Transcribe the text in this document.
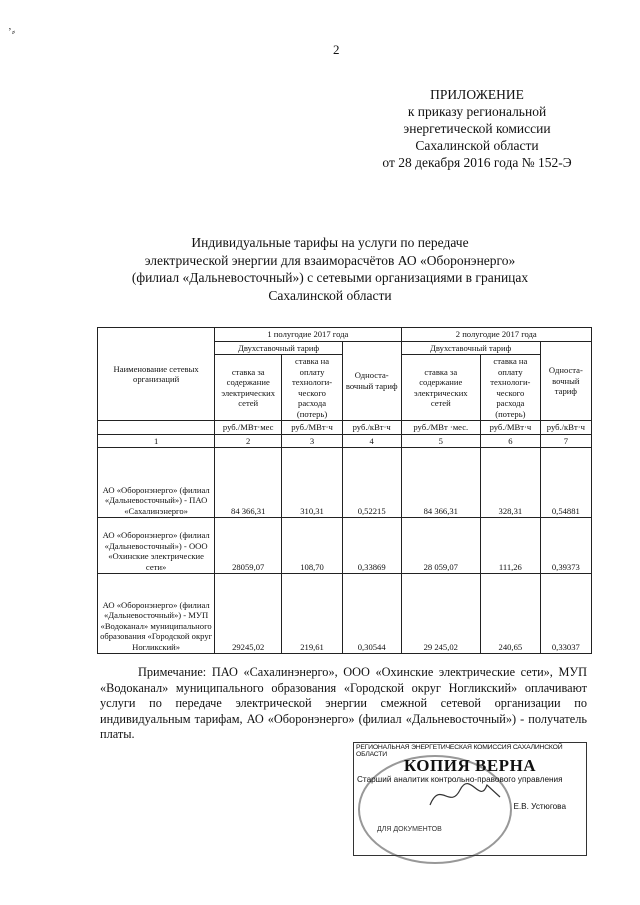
ʼ⸗
2
ПРИЛОЖЕНИЕ
к приказу региональной
энергетической комиссии
Сахалинской области
от 28 декабря 2016 года № 152-Э
Индивидуальные тарифы на услуги по передаче
электрической энергии для взаиморасчётов АО «Оборонэнерго»
(филиал «Дальневосточный») с сетевыми организациями в границах
Сахалинской области
Наименование сетевых организаций	1 полугодие 2017 года			2 полугодие 2017 года		
	Двухставочный тариф		Односта-вочный тариф	Двухставочный тариф		Односта-вочный тариф
	ставка за содержание электрических сетей	ставка на оплату технологи-ческого расхода (потерь)		ставка за содержание электрических сетей	ставка на оплату технологи-ческого расхода (потерь)	
	руб./МВт·мес	руб./МВт·ч	руб./кВт·ч	руб./МВт ·мес.	руб./МВт·ч	руб./кВт·ч
1	2	3	4	5	6	7
АО «Оборонэнерго» (филиал «Дальневосточный») - ПАО «Сахалинэнерго»	84 366,31	310,31	0,52215	84 366,31	328,31	0,54881
АО «Оборонэнерго» (филиал «Дальневосточный») - ООО «Охинские электрические сети»	28059,07	108,70	0,33869	28 059,07	111,26	0,39373
АО «Оборонэнерго» (филиал «Дальневосточный») - МУП «Водоканал» муниципального образования «Городской округ Ногликский»	29245,02	219,61	0,30544	29 245,02	240,65	0,33037

Примечание: ПАО «Сахалинэнерго», ООО «Охинские электрические сети», МУП «Водоканал» муниципального образования «Городской округ Ногликский» оплачивают услуги по передаче электрической энергии смежной сетевой организации по индивидуальным тарифам, АО «Оборонэнерго» (филиал «Дальневосточный») - получатель платы.

ДЛЯ ДОКУМЕНТОВ
РЕГИОНАЛЬНАЯ ЭНЕРГЕТИЧЕСКАЯ КОМИССИЯ САХАЛИНСКОЙ ОБЛАСТИ
КОПИЯ ВЕРНА
Старший аналитик контрольно-правового управления
Е.В. Устюгова
